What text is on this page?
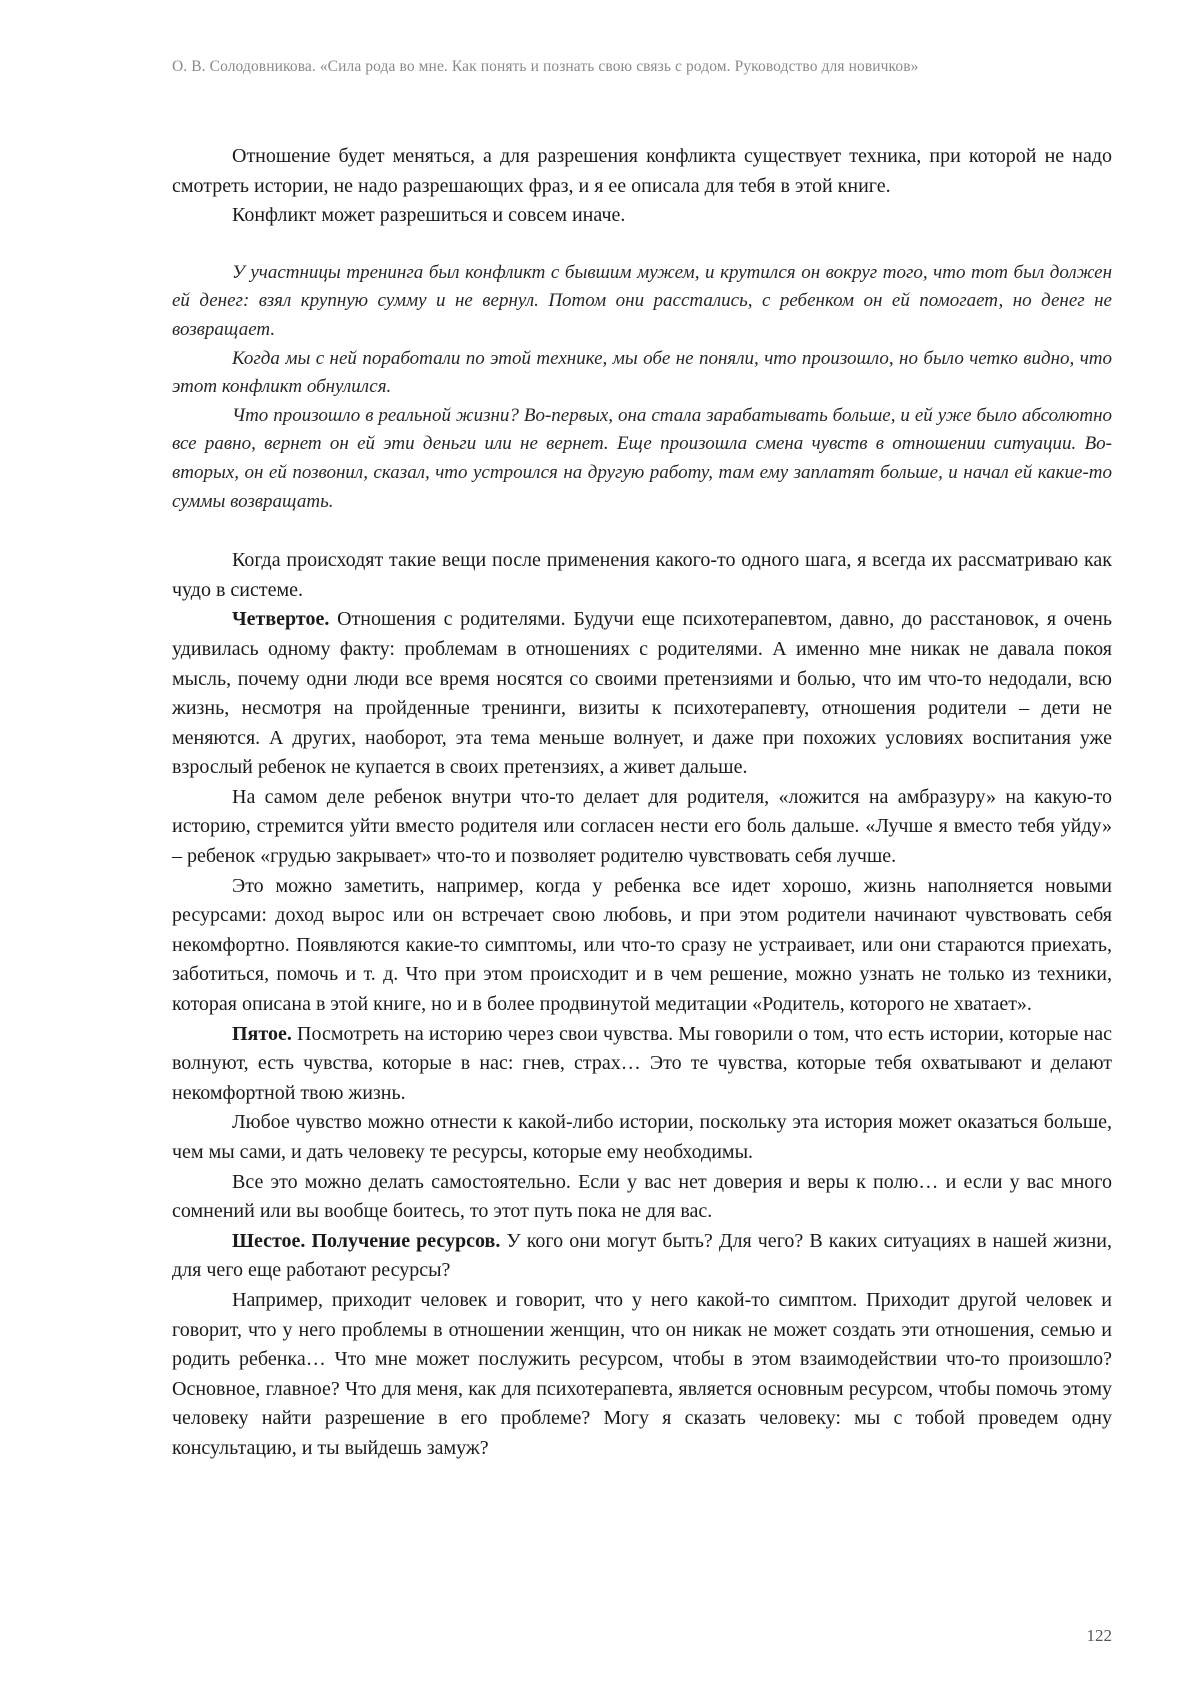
О. В. Солодовникова. «Сила рода во мне. Как понять и познать свою связь с родом. Руководство для новичков»

Отношение будет меняться, а для разрешения конфликта существует техника, при которой не надо смотреть истории, не надо разрешающих фраз, и я ее описала для тебя в этой книге.

Конфликт может разрешиться и совсем иначе.

У участницы тренинга был конфликт с бывшим мужем, и крутился он вокруг того, что тот был должен ей денег: взял крупную сумму и не вернул. Потом они расстались, с ребенком он ей помогает, но денег не возвращает.

Когда мы с ней поработали по этой технике, мы обе не поняли, что произошло, но было четко видно, что этот конфликт обнулился.

Что произошло в реальной жизни? Во-первых, она стала зарабатывать больше, и ей уже было абсолютно все равно, вернет он ей эти деньги или не вернет. Еще произошла смена чувств в отношении ситуации. Во-вторых, он ей позвонил, сказал, что устроился на другую работу, там ему заплатят больше, и начал ей какие-то суммы возвращать.

Когда происходят такие вещи после применения какого-то одного шага, я всегда их рассматриваю как чудо в системе.

Четвертое. Отношения с родителями. Будучи еще психотерапевтом, давно, до расстановок, я очень удивилась одному факту: проблемам в отношениях с родителями. А именно мне никак не давала покоя мысль, почему одни люди все время носятся со своими претензиями и болью, что им что-то недодали, всю жизнь, несмотря на пройденные тренинги, визиты к психотерапевту, отношения родители – дети не меняются. А других, наоборот, эта тема меньше волнует, и даже при похожих условиях воспитания уже взрослый ребенок не купается в своих претензиях, а живет дальше.

На самом деле ребенок внутри что-то делает для родителя, «ложится на амбразуру» на какую-то историю, стремится уйти вместо родителя или согласен нести его боль дальше. «Лучше я вместо тебя уйду» – ребенок «грудью закрывает» что-то и позволяет родителю чувствовать себя лучше.

Это можно заметить, например, когда у ребенка все идет хорошо, жизнь наполняется новыми ресурсами: доход вырос или он встречает свою любовь, и при этом родители начинают чувствовать себя некомфортно. Появляются какие-то симптомы, или что-то сразу не устраивает, или они стараются приехать, заботиться, помочь и т. д. Что при этом происходит и в чем решение, можно узнать не только из техники, которая описана в этой книге, но и в более продвинутой медитации «Родитель, которого не хватает».

Пятое. Посмотреть на историю через свои чувства. Мы говорили о том, что есть истории, которые нас волнуют, есть чувства, которые в нас: гнев, страх… Это те чувства, которые тебя охватывают и делают некомфортной твою жизнь.

Любое чувство можно отнести к какой-либо истории, поскольку эта история может оказаться больше, чем мы сами, и дать человеку те ресурсы, которые ему необходимы.

Все это можно делать самостоятельно. Если у вас нет доверия и веры к полю… и если у вас много сомнений или вы вообще боитесь, то этот путь пока не для вас.

Шестое. Получение ресурсов. У кого они могут быть? Для чего? В каких ситуациях в нашей жизни, для чего еще работают ресурсы?

Например, приходит человек и говорит, что у него какой-то симптом. Приходит другой человек и говорит, что у него проблемы в отношении женщин, что он никак не может создать эти отношения, семью и родить ребенка… Что мне может послужить ресурсом, чтобы в этом взаимодействии что-то произошло? Основное, главное? Что для меня, как для психотерапевта, является основным ресурсом, чтобы помочь этому человеку найти разрешение в его проблеме? Могу я сказать человеку: мы с тобой проведем одну консультацию, и ты выйдешь замуж?

122
